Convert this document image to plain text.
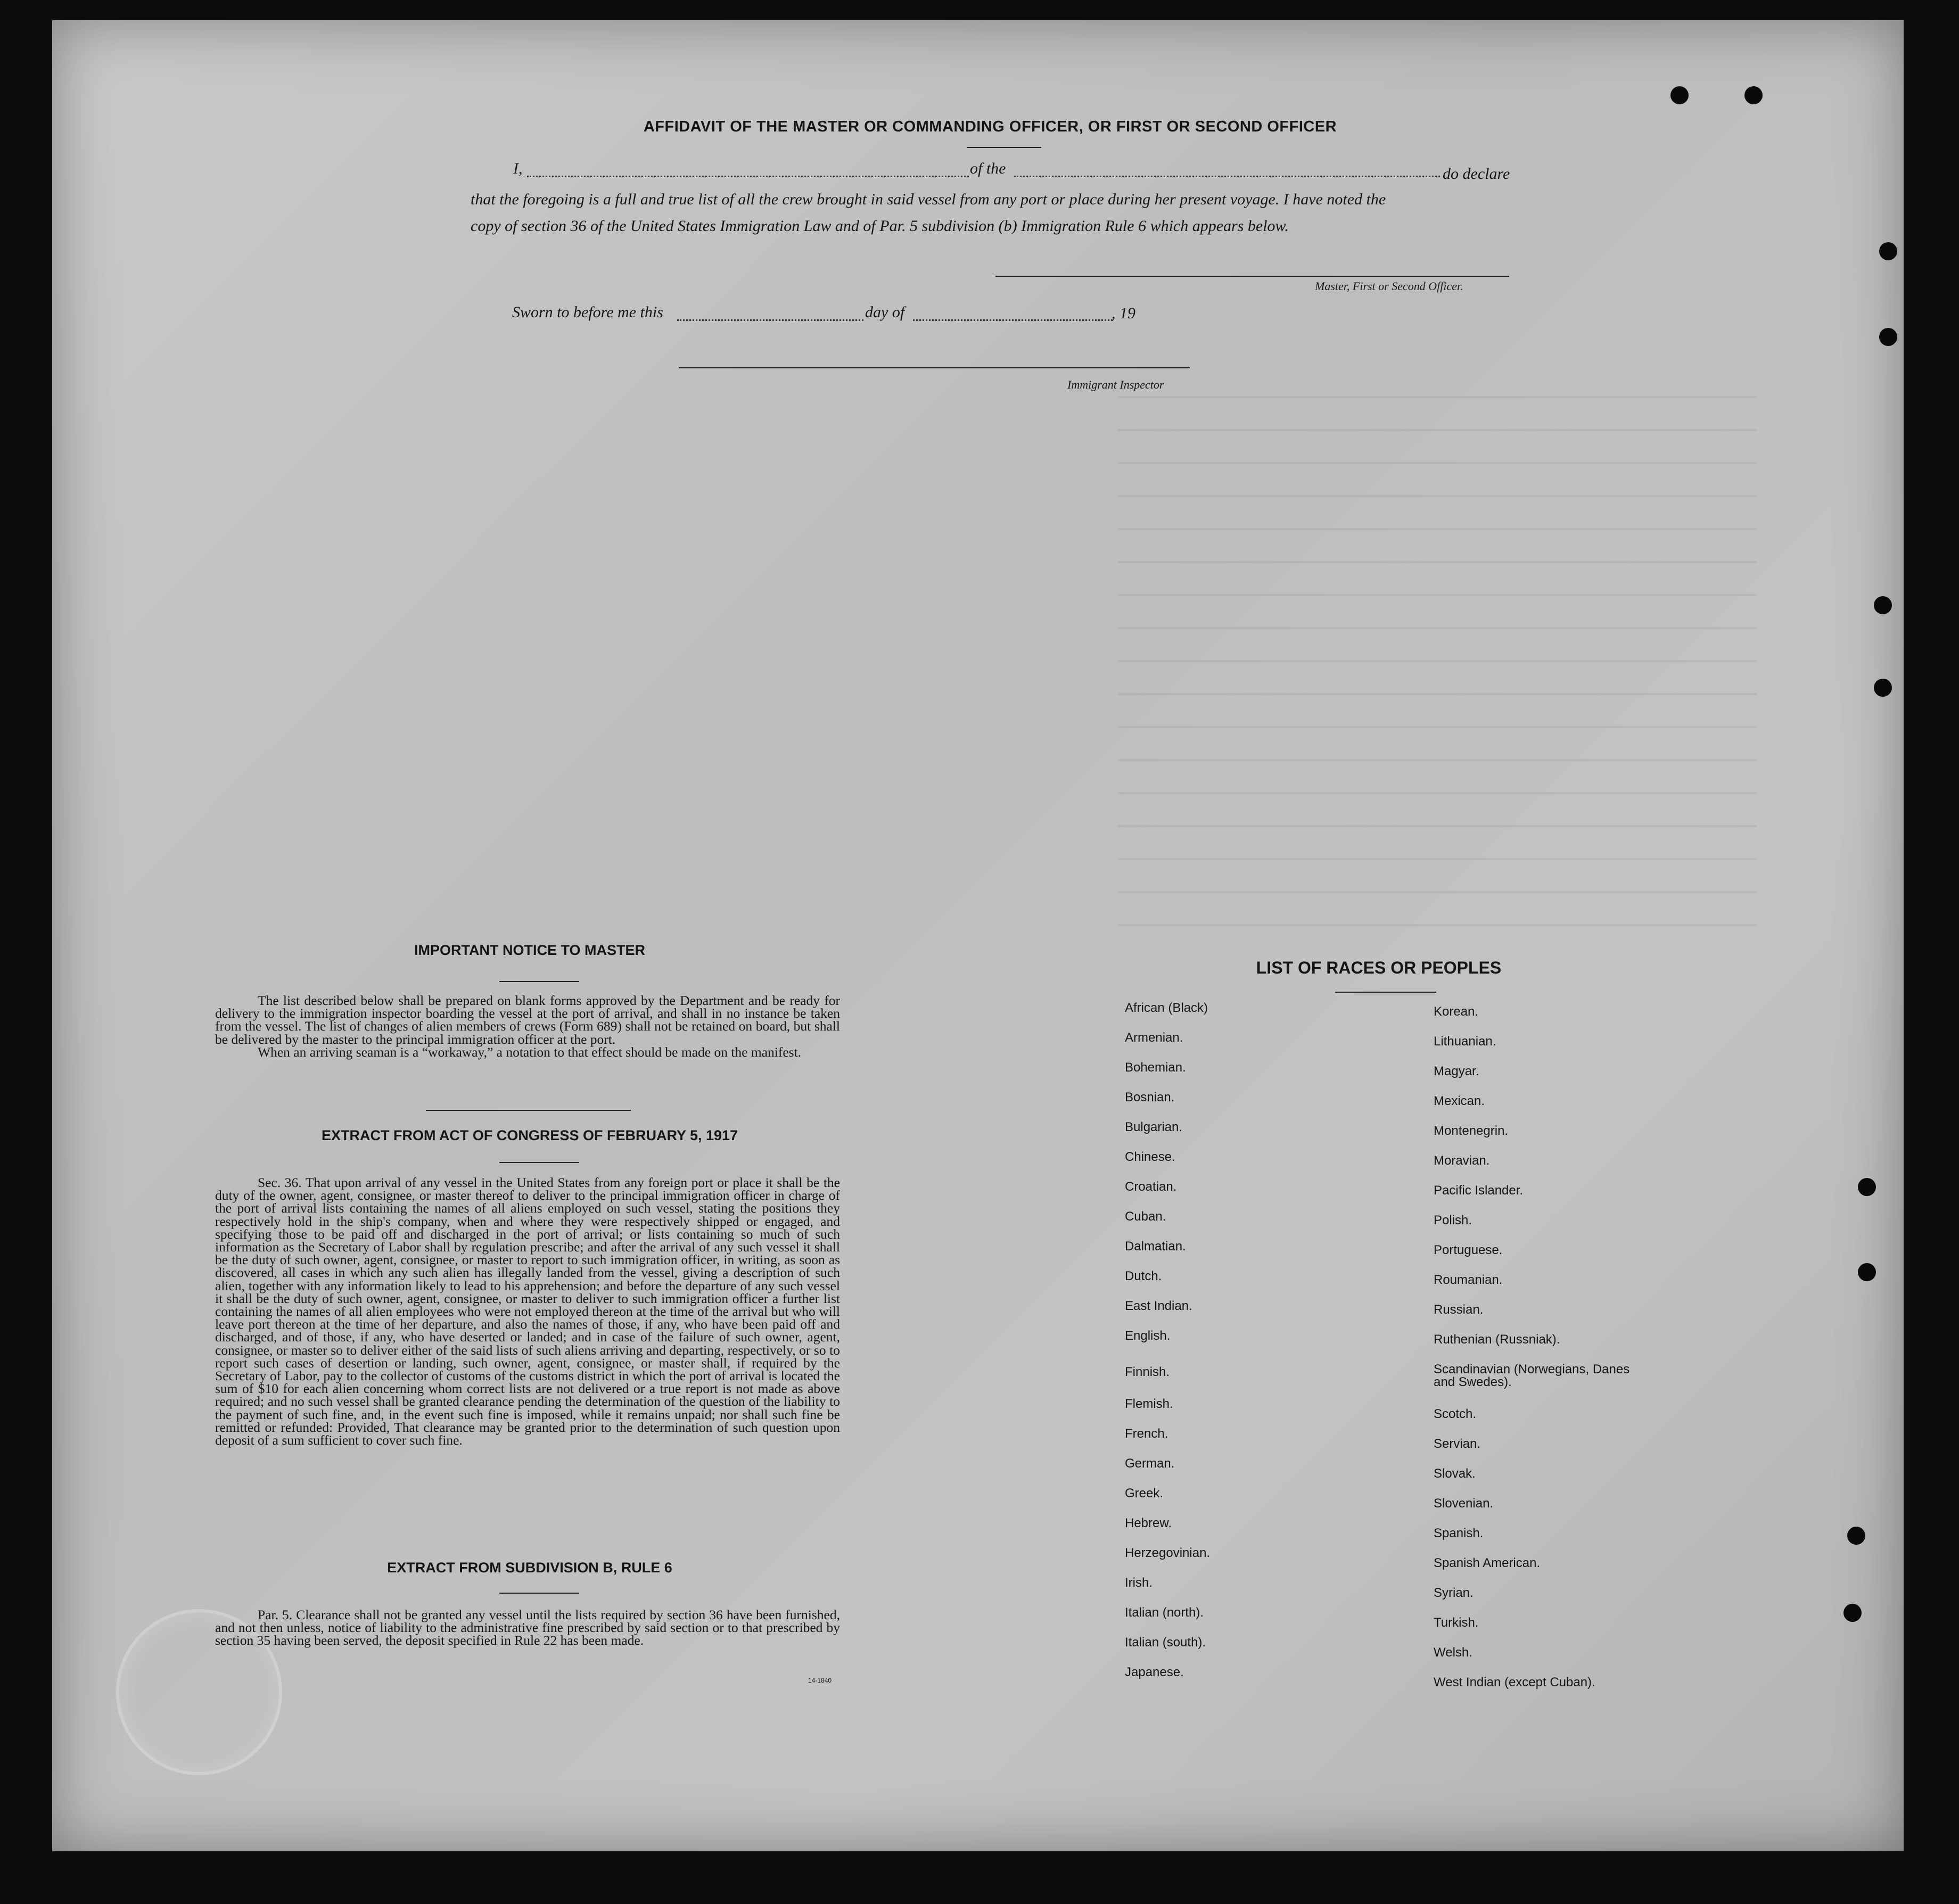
AFFIDAVIT OF THE MASTER OR COMMANDING OFFICER, OR FIRST OR SECOND OFFICER
I,	of the	do declare
that the foregoing is a full and true list of all the crew brought in said vessel from any port or place during her present voyage. I have noted the
copy of section 36 of the United States Immigration Law and of Par. 5 subdivision (b) Immigration Rule 6 which appears below.
Master, First or Second Officer.
Sworn to before me this	day of	, 19
Immigrant Inspector
IMPORTANT NOTICE TO MASTER

The list described below shall be prepared on blank forms approved by the Department and be ready for delivery to the immigration inspector boarding the vessel at the port of arrival, and shall in no instance be taken from the vessel. The list of changes of alien members of crews (Form 689) shall not be retained on board, but shall be delivered by the master to the principal immigration officer at the port.

When an arriving seaman is a “workaway,” a notation to that effect should be made on the manifest.

EXTRACT FROM ACT OF CONGRESS OF FEBRUARY 5, 1917

Sec. 36. That upon arrival of any vessel in the United States from any foreign port or place it shall be the duty of the owner, agent, consignee, or master thereof to deliver to the principal immigration officer in charge of the port of arrival lists containing the names of all aliens employed on such vessel, stating the positions they respectively hold in the ship's company, when and where they were respectively shipped or engaged, and specifying those to be paid off and discharged in the port of arrival; or lists containing so much of such information as the Secretary of Labor shall by regulation prescribe; and after the arrival of any such vessel it shall be the duty of such owner, agent, consignee, or master to report to such immigration officer, in writing, as soon as discovered, all cases in which any such alien has illegally landed from the vessel, giving a description of such alien, together with any information likely to lead to his apprehension; and before the departure of any such vessel it shall be the duty of such owner, agent, consignee, or master to deliver to such immigration officer a further list containing the names of all alien employees who were not employed thereon at the time of the arrival but who will leave port thereon at the time of her departure, and also the names of those, if any, who have been paid off and discharged, and of those, if any, who have deserted or landed; and in case of the failure of such owner, agent, consignee, or master so to deliver either of the said lists of such aliens arriving and departing, respectively, or so to report such cases of desertion or landing, such owner, agent, consignee, or master shall, if required by the Secretary of Labor, pay to the collector of customs of the customs district in which the port of arrival is located the sum of $10 for each alien concerning whom correct lists are not delivered or a true report is not made as above required; and no such vessel shall be granted clearance pending the determination of the question of the liability to the payment of such fine, and, in the event such fine is imposed, while it remains unpaid; nor shall such fine be remitted or refunded: Provided, That clearance may be granted prior to the determination of such question upon deposit of a sum sufficient to cover such fine.

EXTRACT FROM SUBDIVISION B, RULE 6

Par. 5. Clearance shall not be granted any vessel until the lists required by section 36 have been furnished, and not then unless, notice of liability to the administrative fine prescribed by said section or to that prescribed by section 35 having been served, the deposit specified in Rule 22 has been made.

14-1840
LIST OF RACES OR PEOPLES
African (Black)
Armenian.
Bohemian.
Bosnian.
Bulgarian.
Chinese.
Croatian.
Cuban.
Dalmatian.
Dutch.
East Indian.
English.
Finnish.
Flemish.
French.
German.
Greek.
Hebrew.
Herzegovinian.
Irish.
Italian (north).
Italian (south).
Japanese.
Korean.
Lithuanian.
Magyar.
Mexican.
Montenegrin.
Moravian.
Pacific Islander.
Polish.
Portuguese.
Roumanian.
Russian.
Ruthenian (Russniak).
Scandinavian (Norwegians, Danes and Swedes).
Scotch.
Servian.
Slovak.
Slovenian.
Spanish.
Spanish American.
Syrian.
Turkish.
Welsh.
West Indian (except Cuban).
